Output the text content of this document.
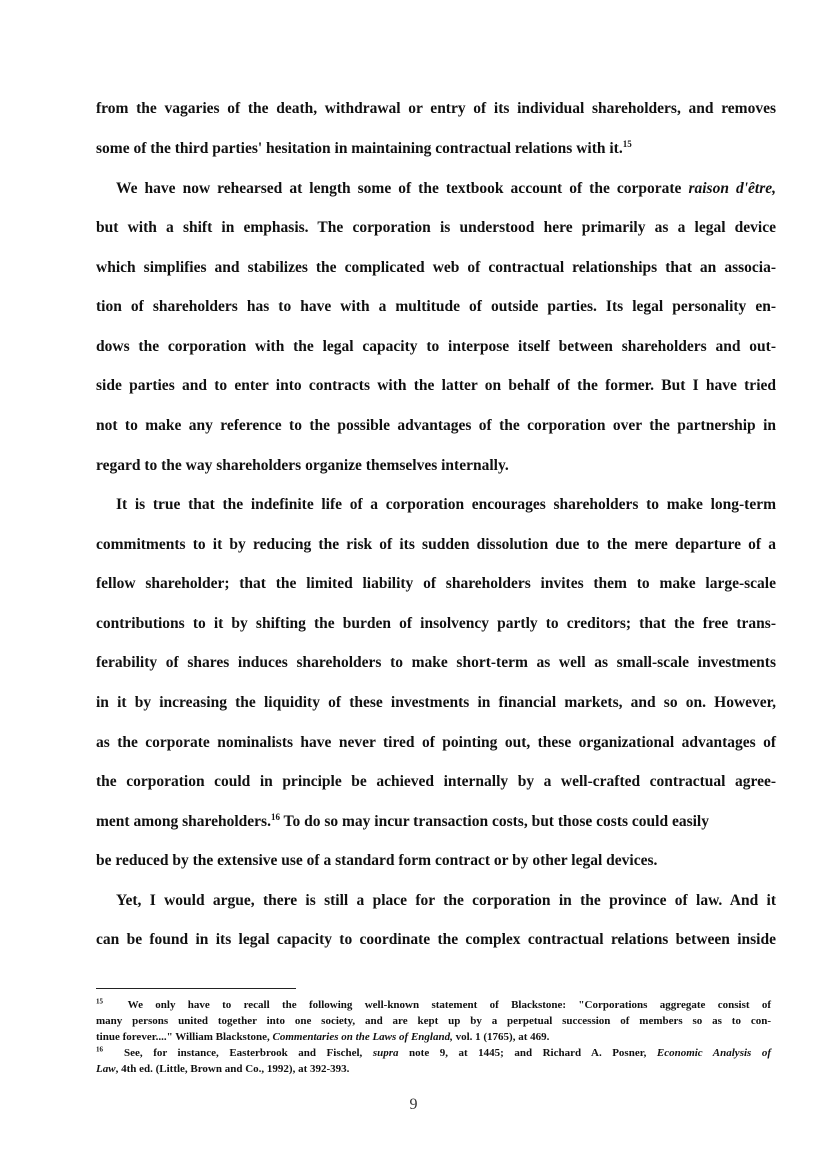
from the vagaries of the death, withdrawal or entry of its individual shareholders, and removes
some of the third parties' hesitation in maintaining contractual relations with it.$^{15}$
We have now rehearsed at length some of the textbook account of the corporate raison d'être,
but with a shift in emphasis. The corporation is understood here primarily as a legal device
which simplifies and stabilizes the complicated web of contractual relationships that an associa-
tion of shareholders has to have with a multitude of outside parties. Its legal personality en-
dows the corporation with the legal capacity to interpose itself between shareholders and out-
side parties and to enter into contracts with the latter on behalf of the former. But I have tried
not to make any reference to the possible advantages of the corporation over the partnership in
regard to the way shareholders organize themselves internally.
It is true that the indefinite life of a corporation encourages shareholders to make long-term
commitments to it by reducing the risk of its sudden dissolution due to the mere departure of a
fellow shareholder; that the limited liability of shareholders invites them to make large-scale
contributions to it by shifting the burden of insolvency partly to creditors; that the free trans-
ferability of shares induces shareholders to make short-term as well as small-scale investments
in it by increasing the liquidity of these investments in financial markets, and so on. However,
as the corporate nominalists have never tired of pointing out, these organizational advantages of
the corporation could in principle be achieved internally by a well-crafted contractual agree-
ment among shareholders.$^{16}$ To do so may incur transaction costs, but those costs could easily
be reduced by the extensive use of a standard form contract or by other legal devices.
Yet, I would argue, there is still a place for the corporation in the province of law. And it
can be found in its legal capacity to coordinate the complex contractual relations between inside
$^{15}$ We only have to recall the following well-known statement of Blackstone: "Corporations aggregate consist of
many persons united together into one society, and are kept up by a perpetual succession of members so as to con-
tinue forever...." William Blackstone, Commentaries on the Laws of England, vol. 1 (1765), at 469.
$^{16}$ See, for instance, Easterbrook and Fischel, supra note 9, at 1445; and Richard A. Posner, Economic Analysis of
Law, 4th ed. (Little, Brown and Co., 1992), at 392-393.
9
